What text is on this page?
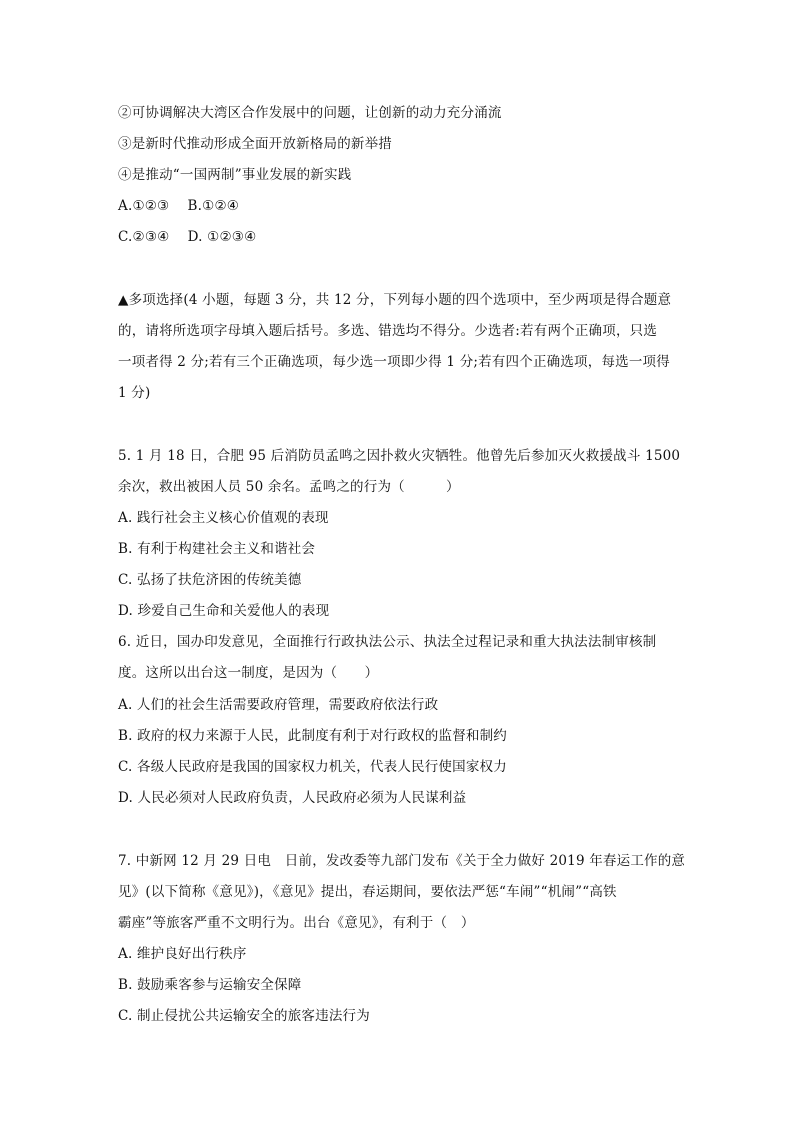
②可协调解决大湾区合作发展中的问题，让创新的动力充分涌流
③是新时代推动形成全面开放新格局的新举措
④是推动“一国两制”事业发展的新实践
A.①②③　 B.①②④
C.②③④　 D. ①②③④
▲多项选择(4 小题，每题 3 分，共 12 分，下列每小题的四个选项中，至少两项是得合题意
的，请将所选项字母填入题后括号。多选、错选均不得分。少选者:若有两个正确项，只选
一项者得 2 分;若有三个正确选项，每少选一项即少得 1 分;若有四个正确选项，每选一项得
1 分)
5. 1 月 18 日，合肥 95 后消防员孟鸣之因扑救火灾牺牲。他曾先后参加灭火救援战斗 1500
余次，救出被困人员 50 余名。孟鸣之的行为（　　　）
A. 践行社会主义核心价值观的表现
B. 有利于构建社会主义和谐社会
C. 弘扬了扶危济困的传统美德
D. 珍爱自己生命和关爱他人的表现
6. 近日，国办印发意见，全面推行行政执法公示、执法全过程记录和重大执法法制审核制
度。这所以出台这一制度，是因为（　　）
A. 人们的社会生活需要政府管理，需要政府依法行政
B. 政府的权力来源于人民，此制度有利于对行政权的监督和制约
C. 各级人民政府是我国的国家权力机关，代表人民行使国家权力
D. 人民必须对人民政府负责，人民政府必须为人民谋利益
7. 中新网 12 月 29 日电　日前，发改委等九部门发布《关于全力做好 2019 年春运工作的意
见》(以下简称《意见》)，《意见》提出，春运期间，要依法严惩“车闹”“机闹”“高铁
霸座”等旅客严重不文明行为。出台《意见》，有利于（　）
A. 维护良好出行秩序
B. 鼓励乘客参与运输安全保障
C. 制止侵扰公共运输安全的旅客违法行为
